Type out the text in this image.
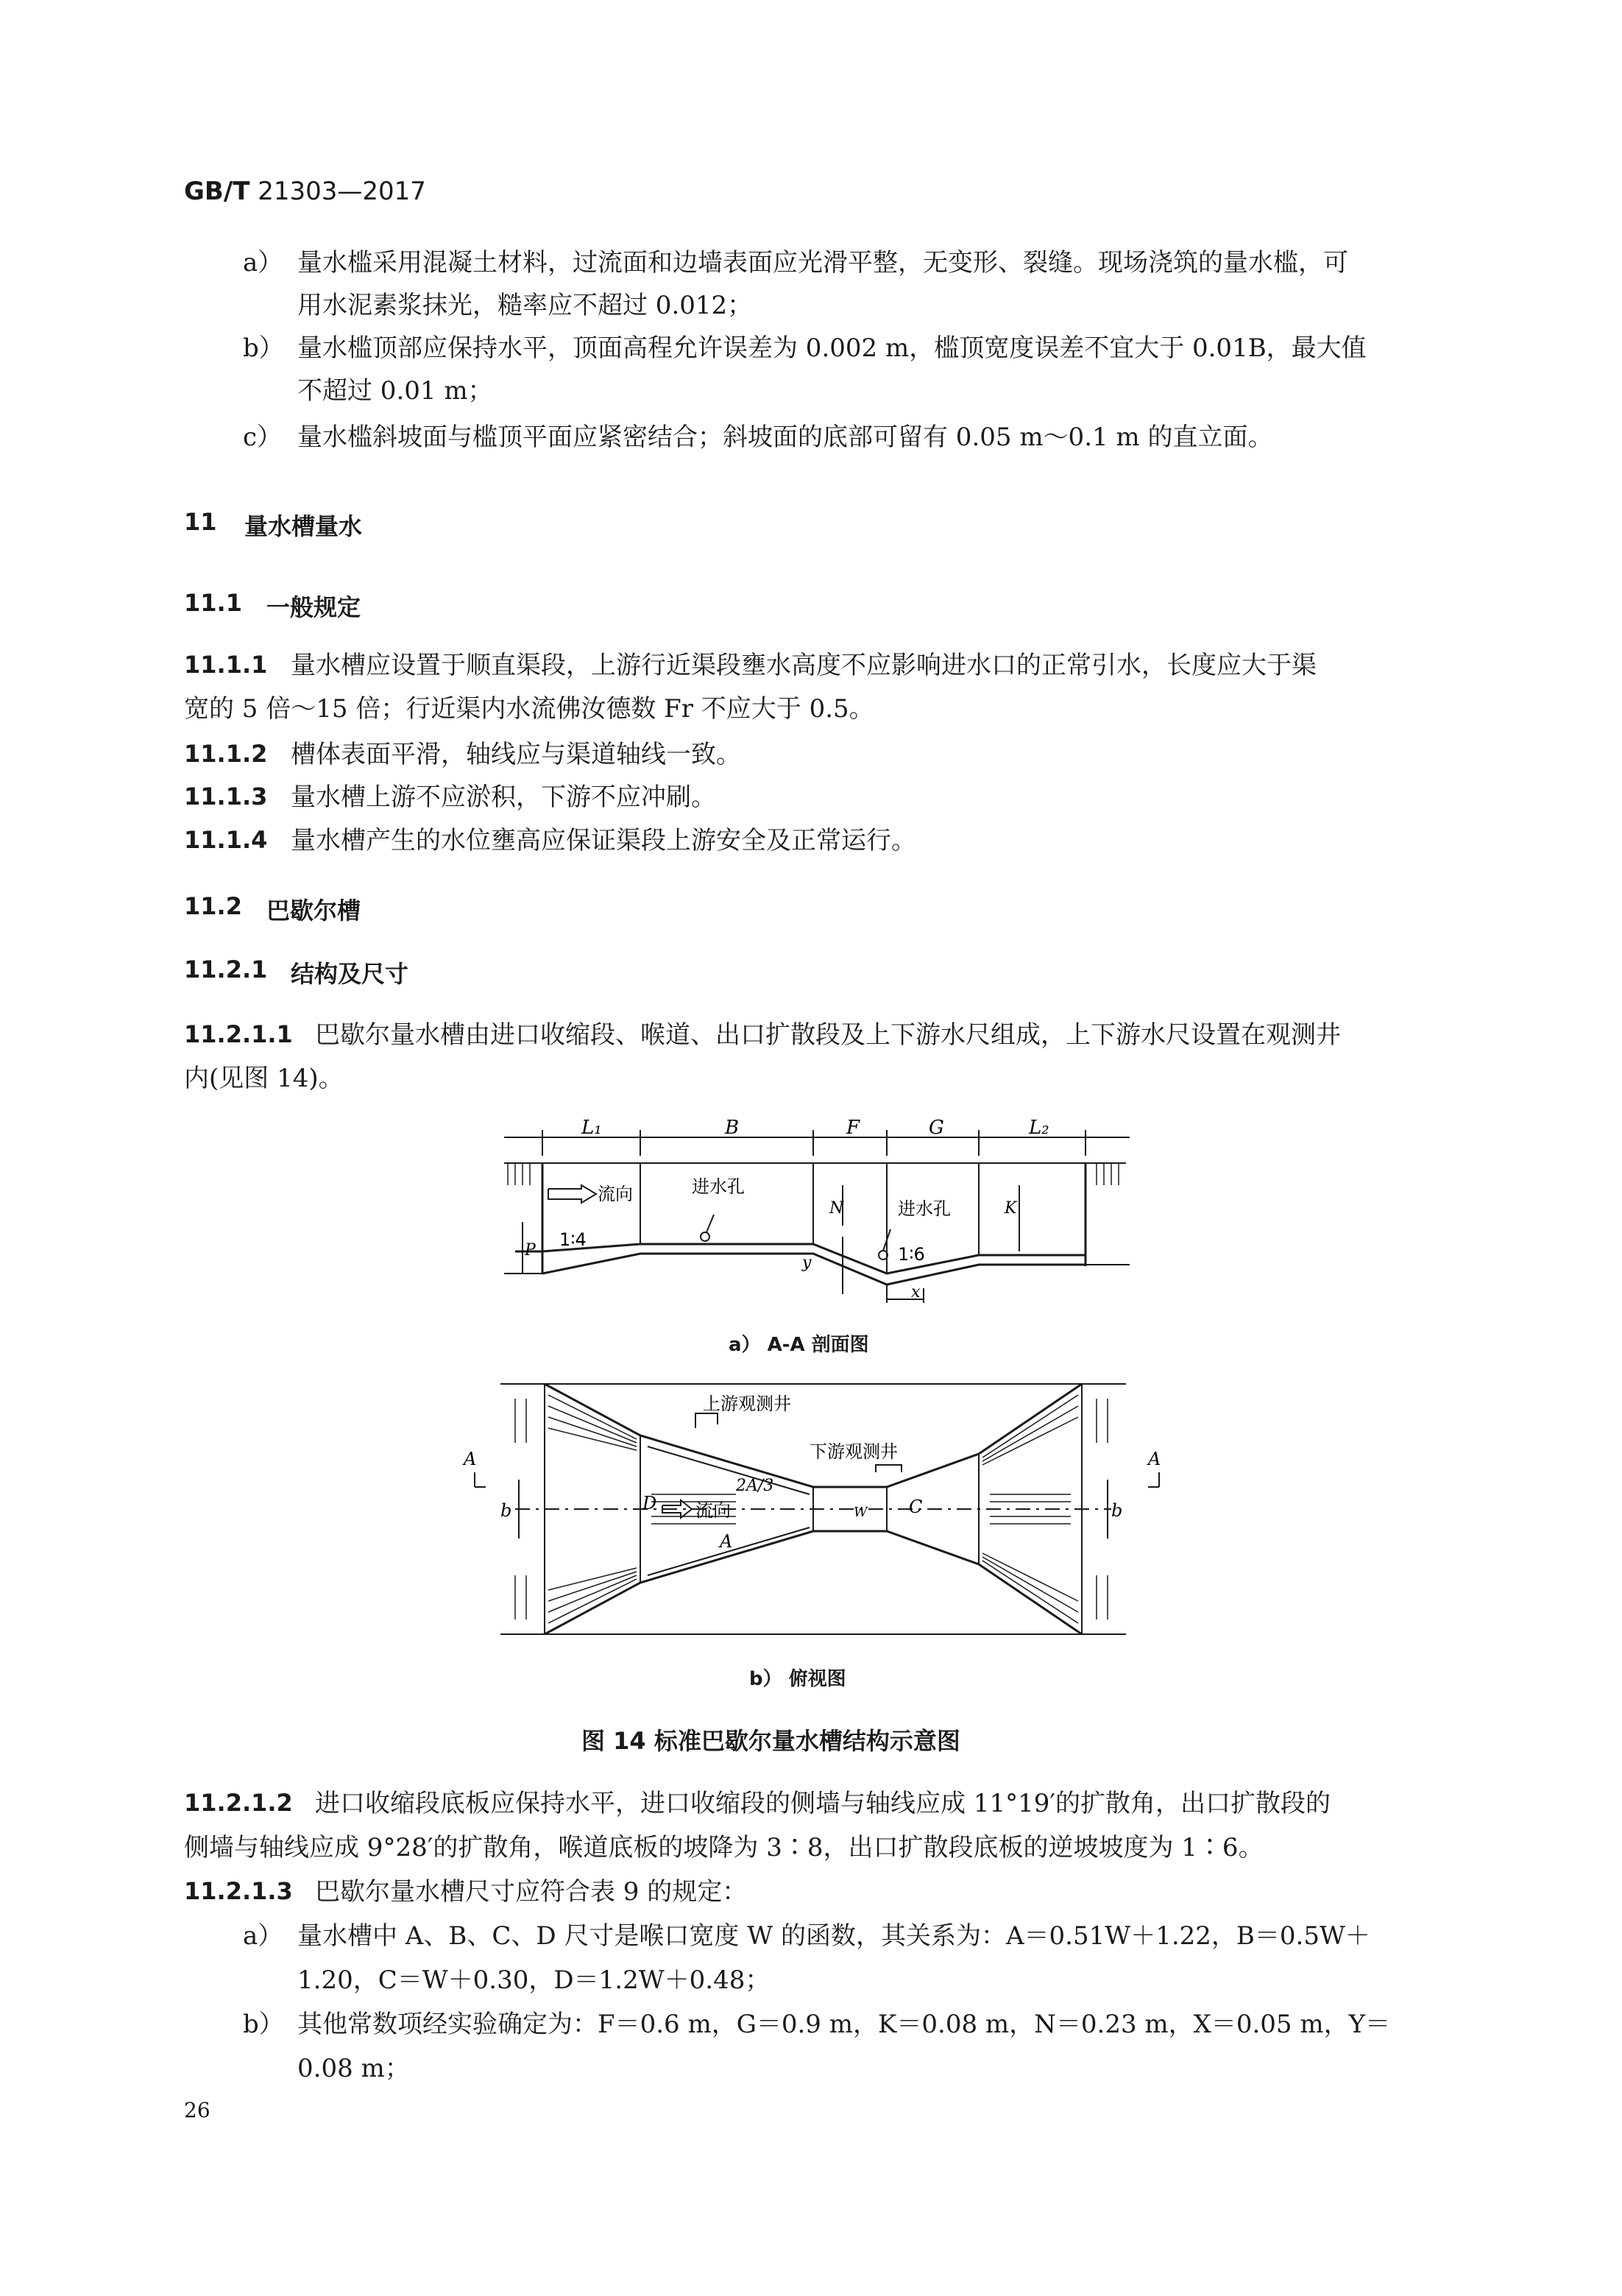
GB/T 21303—2017
a） 量水槛采用混凝土材料，过流面和边墙表面应光滑平整，无变形、裂缝。现场浇筑的量水槛，可
用水泥素浆抹光，糙率应不超过 0.012；
b） 量水槛顶部应保持水平，顶面高程允许误差为 0.002 m，槛顶宽度误差不宜大于 0.01B，最大值
不超过 0.01 m；
c） 量水槛斜坡面与槛顶平面应紧密结合；斜坡面的底部可留有 0.05 m～0.1 m 的直立面。
11 量水槽量水
11.1 一般规定
11.1.1 量水槽应设置于顺直渠段，上游行近渠段壅水高度不应影响进水口的正常引水，长度应大于渠
宽的 5 倍～15 倍；行近渠内水流佛汝德数 Fr 不应大于 0.5。
11.1.2 槽体表面平滑，轴线应与渠道轴线一致。
11.1.3 量水槽上游不应淤积，下游不应冲刷。
11.1.4 量水槽产生的水位壅高应保证渠段上游安全及正常运行。
11.2 巴歇尔槽
11.2.1 结构及尺寸
11.2.1.1 巴歇尔量水槽由进口收缩段、喉道、出口扩散段及上下游水尺组成，上下游水尺设置在观测井
内(见图 14)。
L₁	B	F	G	L₂
流向	进水孔
进水孔
1∶4
1∶6
P
N	K
y
x
上游观测井
下游观测井
流向
A	A
b	b
D	C
W
2A/3
A
a） A-A 剖面图
b） 俯视图
图 14 标准巴歇尔量水槽结构示意图
11.2.1.2 进口收缩段底板应保持水平，进口收缩段的侧墙与轴线应成 11°19′的扩散角，出口扩散段的
侧墙与轴线应成 9°28′的扩散角，喉道底板的坡降为 3∶8，出口扩散段底板的逆坡坡度为 1∶6。
11.2.1.3 巴歇尔量水槽尺寸应符合表 9 的规定：
a） 量水槽中 A、B、C、D 尺寸是喉口宽度 W 的函数，其关系为：A＝0.51W＋1.22，B＝0.5W＋
1.20，C＝W＋0.30，D＝1.2W＋0.48；
b） 其他常数项经实验确定为：F＝0.6 m，G＝0.9 m，K＝0.08 m，N＝0.23 m，X＝0.05 m，Y＝
0.08 m；
26
